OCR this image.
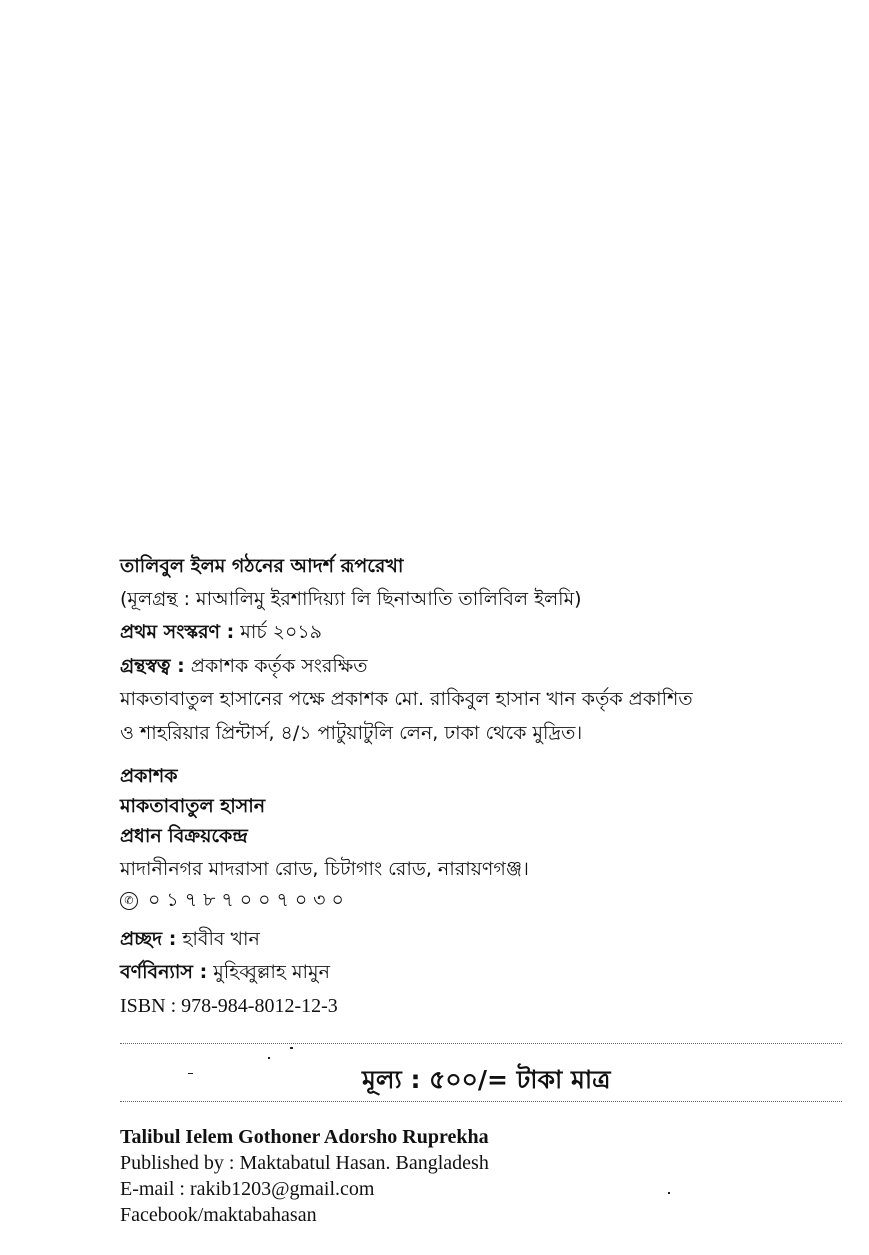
তালিবুল ইলম গঠনের আদর্শ রূপরেখা
(মূলগ্রন্থ : মাআলিমু ইরশাদিয়্যা লি ছিনাআতি তালিবিল ইলমি)
প্রথম সংস্করণ : মার্চ ২০১৯
গ্রন্থস্বত্ব : প্রকাশক কর্তৃক সংরক্ষিত
মাকতাবাতুল হাসানের পক্ষে প্রকাশক মো. রাকিবুল হাসান খান কর্তৃক প্রকাশিত
ও শাহরিয়ার প্রিন্টার্স, ৪/১ পাটুয়াটুলি লেন, ঢাকা থেকে মুদ্রিত।
প্রকাশক
মাকতাবাতুল হাসান
প্রধান বিক্রয়কেন্দ্র
মাদানীনগর মাদরাসা রোড, চিটাগাং রোড, নারায়ণগঞ্জ।
✆ ০১৭৮৭০০৭০৩০
প্রচ্ছদ : হাবীব খান
বর্ণবিন্যাস : মুহিব্বুল্লাহ মামুন
ISBN : 978-984-8012-12-3
মূল্য : ৫০০/= টাকা মাত্র
Talibul Ielem Gothoner Adorsho Ruprekha
Published by : Maktabatul Hasan. Bangladesh
E-mail : rakib1203@gmail.com
Facebook/maktabahasan
